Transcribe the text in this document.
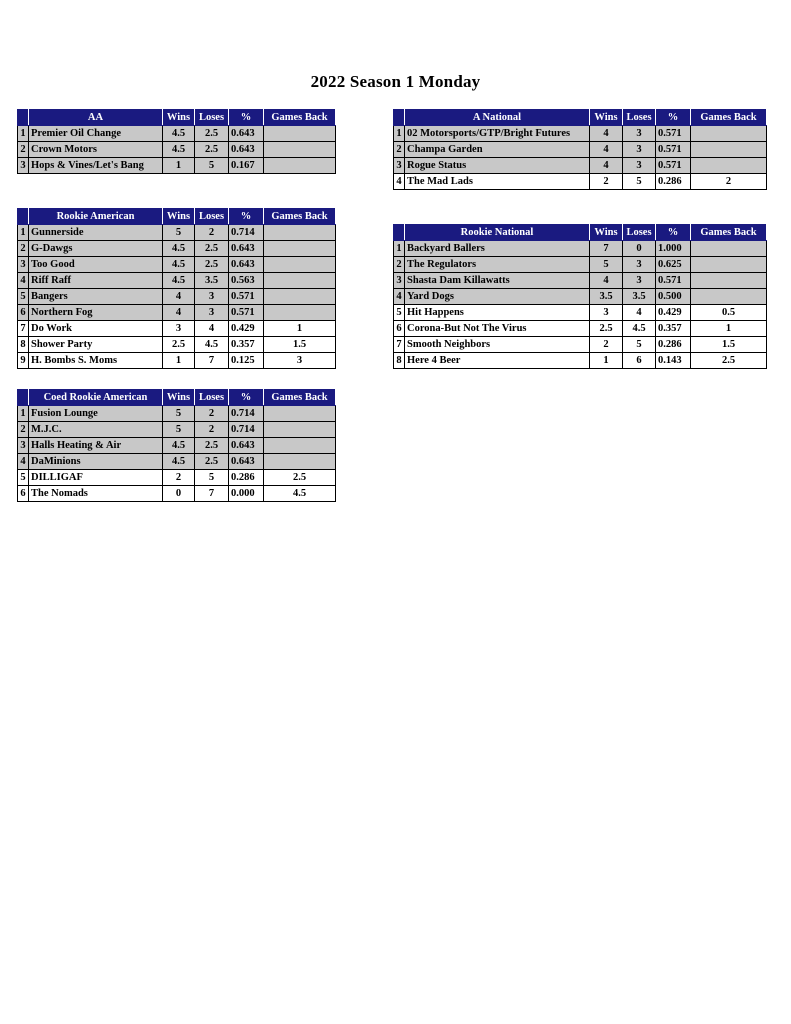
2022 Season 1 Monday
	AA	Wins	Loses	%	Games Back
1	Premier Oil Change	4.5	2.5	0.643	
2	Crown Motors	4.5	2.5	0.643	
3	Hops & Vines/Let's Bang	1	5	0.167	
	A National	Wins	Loses	%	Games Back
1	02 Motorsports/GTP/Bright Futures	4	3	0.571	
2	Champa Garden	4	3	0.571	
3	Rogue Status	4	3	0.571	
4	The Mad Lads	2	5	0.286	2
	Rookie American	Wins	Loses	%	Games Back
1	Gunnerside	5	2	0.714	
2	G-Dawgs	4.5	2.5	0.643	
3	Too Good	4.5	2.5	0.643	
4	Riff Raff	4.5	3.5	0.563	
5	Bangers	4	3	0.571	
6	Northern Fog	4	3	0.571	
7	Do Work	3	4	0.429	1
8	Shower Party	2.5	4.5	0.357	1.5
9	H. Bombs S. Moms	1	7	0.125	3
	Rookie National	Wins	Loses	%	Games Back
1	Backyard Ballers	7	0	1.000	
2	The Regulators	5	3	0.625	
3	Shasta Dam Killawatts	4	3	0.571	
4	Yard Dogs	3.5	3.5	0.500	
5	Hit Happens	3	4	0.429	0.5
6	Corona-But Not The Virus	2.5	4.5	0.357	1
7	Smooth Neighbors	2	5	0.286	1.5
8	Here 4 Beer	1	6	0.143	2.5
	Coed Rookie American	Wins	Loses	%	Games Back
1	Fusion Lounge	5	2	0.714	
2	M.J.C.	5	2	0.714	
3	Halls Heating & Air	4.5	2.5	0.643	
4	DaMinions	4.5	2.5	0.643	
5	DILLIGAF	2	5	0.286	2.5
6	The Nomads	0	7	0.000	4.5
